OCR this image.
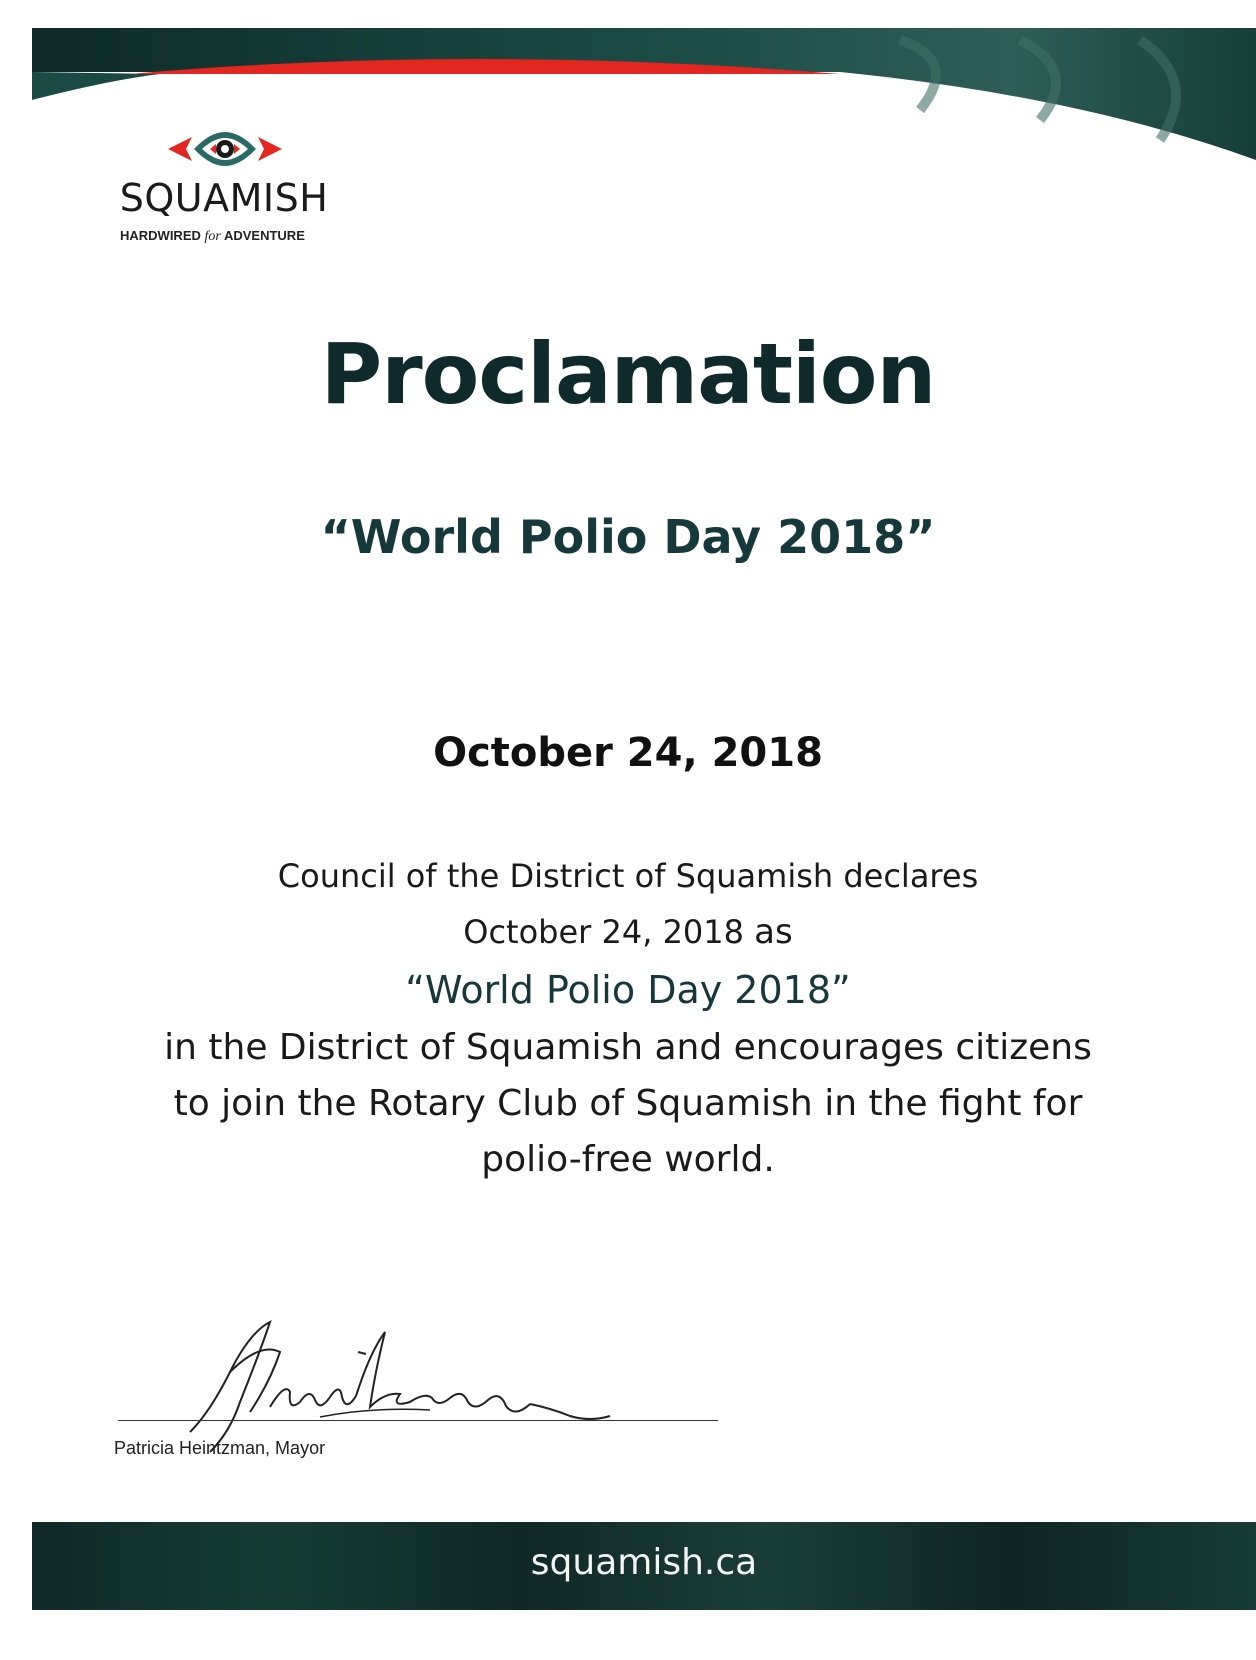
SQUAMISH
HARDWIRED for ADVENTURE
Proclamation
“World Polio Day 2018”
October 24, 2018
Council of the District of Squamish declares
October 24, 2018 as
“World Polio Day 2018”
in the District of Squamish and encourages citizens
to join the Rotary Club of Squamish in the fight for
polio-free world.
Patricia Heintzman, Mayor
squamish.ca
